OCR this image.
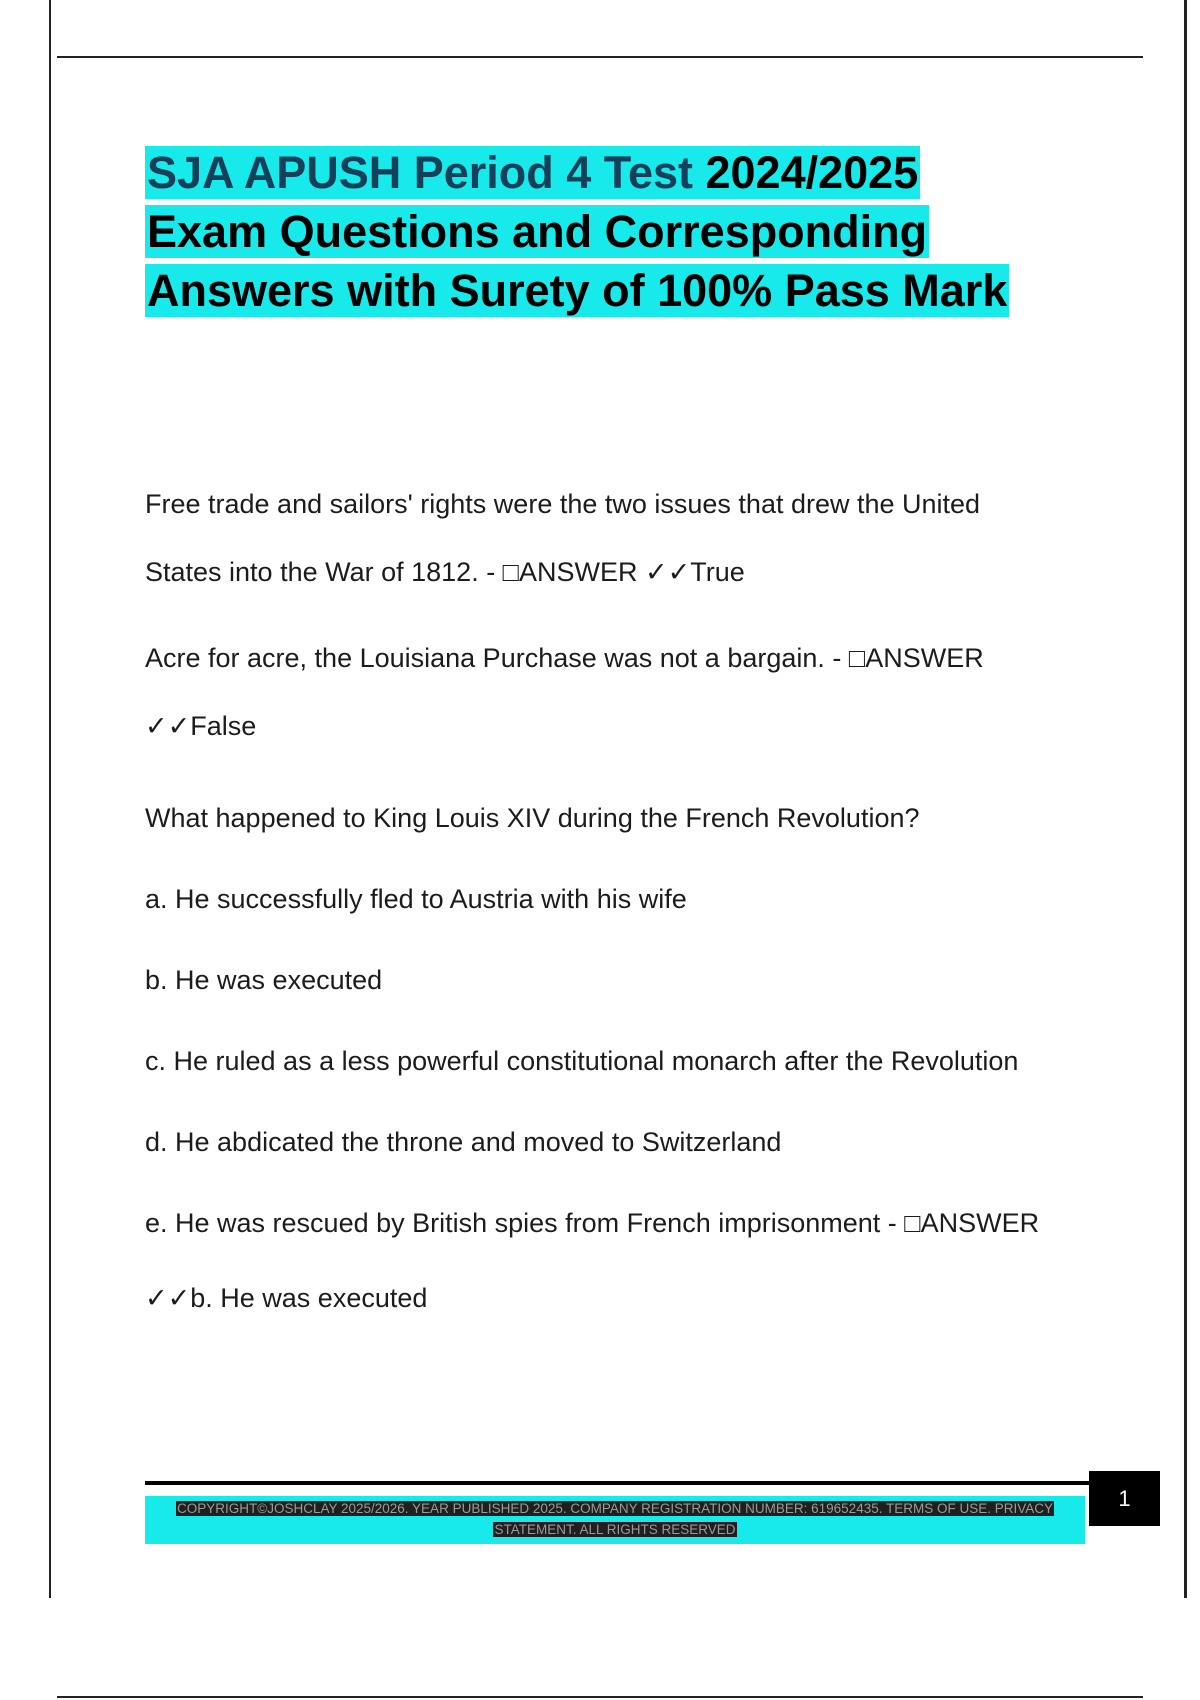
SJA APUSH Period 4 Test 2024/2025
Exam Questions and Corresponding
Answers with Surety of 100% Pass Mark

Free trade and sailors' rights were the two issues that drew the United

States into the War of 1812. - □ANSWER ✓✓True

Acre for acre, the Louisiana Purchase was not a bargain. - □ANSWER

✓✓False

What happened to King Louis XIV during the French Revolution?

a. He successfully fled to Austria with his wife

b. He was executed

c. He ruled as a less powerful constitutional monarch after the Revolution

d. He abdicated the throne and moved to Switzerland

e. He was rescued by British spies from French imprisonment - □ANSWER

✓✓b. He was executed

COPYRIGHT©JOSHCLAY 2025/2026. YEAR PUBLISHED 2025. COMPANY REGISTRATION NUMBER: 619652435. TERMS OF USE. PRIVACY
STATEMENT. ALL RIGHTS RESERVED
1
